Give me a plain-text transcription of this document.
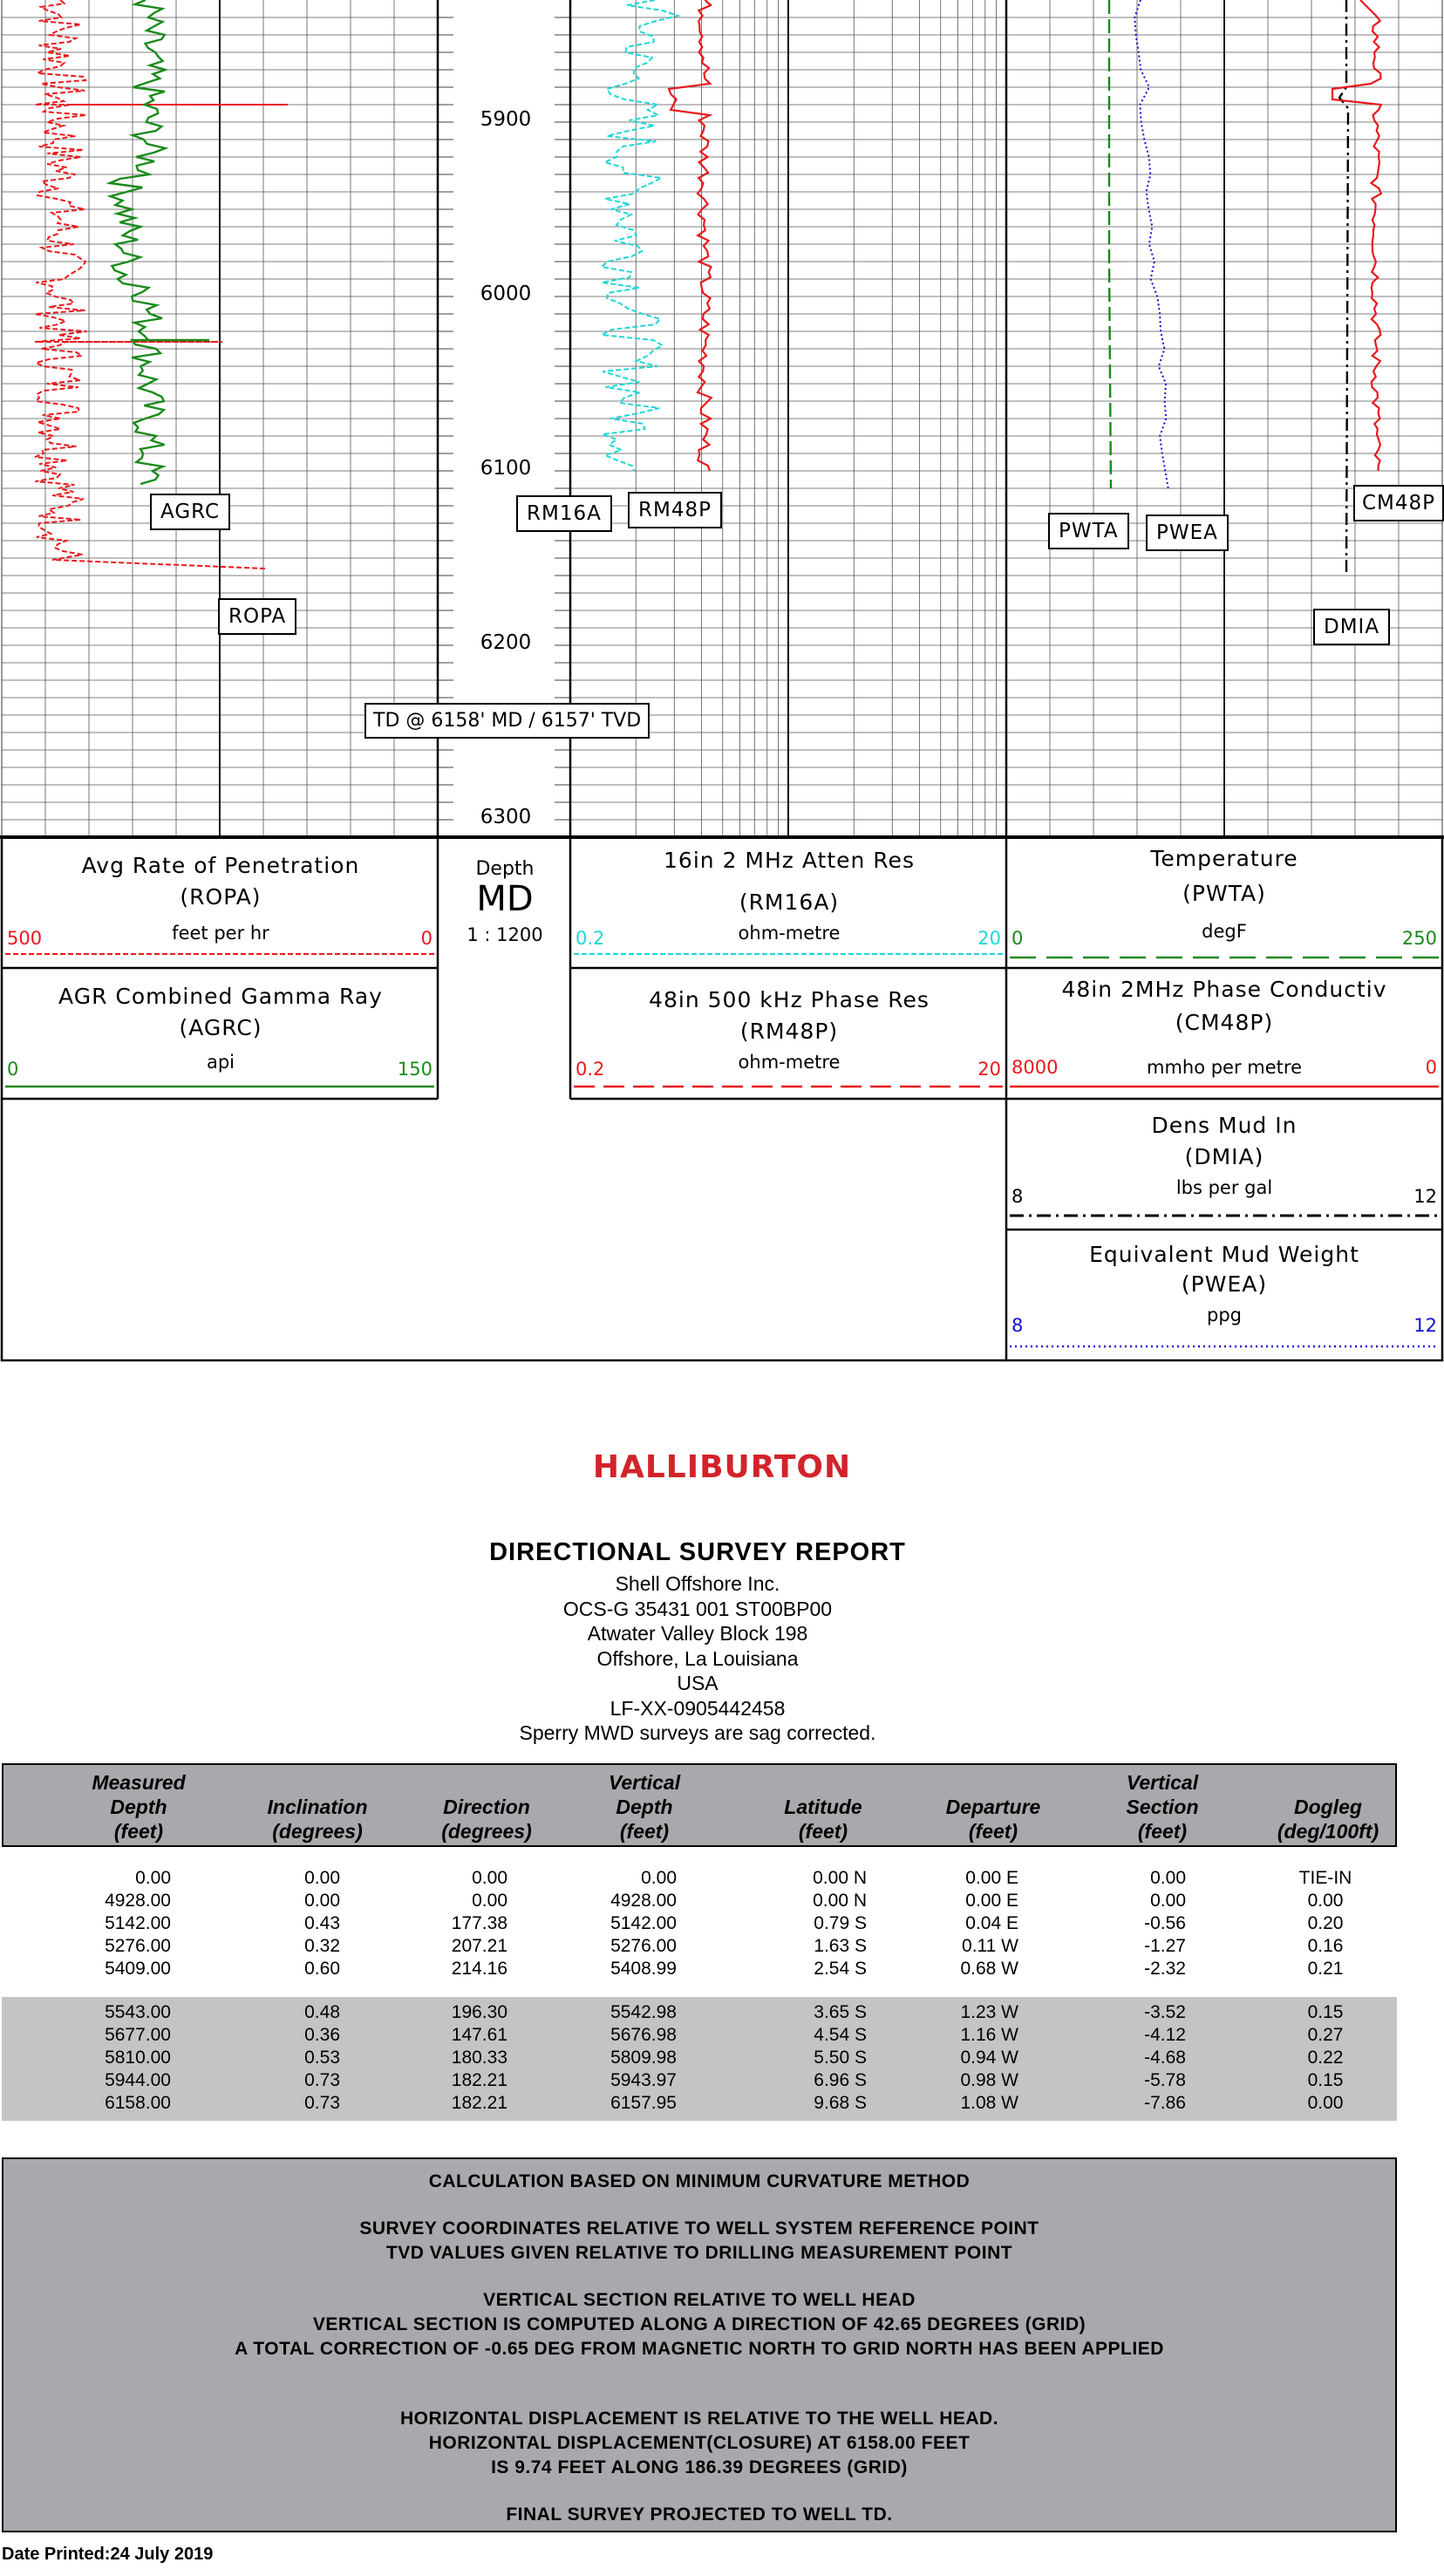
5900
6000
6100
6200
6300
AGRC
ROPA
RM16A	RM48P
PWTA	PWEA
CM48P
DMIA
TD @ 6158' MD / 6157' TVD
Avg Rate of Penetration
(ROPA)
feet per hr
500	0
AGR Combined Gamma Ray
(AGRC)
api
0	150
Depth
MD
1 : 1200
16in 2 MHz Atten Res
(RM16A)
ohm-metre
0.2	20
48in 500 kHz Phase Res
(RM48P)
ohm-metre
0.2	20
Temperature
(PWTA)
degF
0	250
48in 2MHz Phase Conductiv
(CM48P)
mmho per metre
8000	0
Dens Mud In
(DMIA)
lbs per gal
8	12
Equivalent Mud Weight
(PWEA)
ppg
8	12
HALLIBURTON
DIRECTIONAL SURVEY REPORT
Shell Offshore Inc.
OCS-G 35431 001 ST00BP00
Atwater Valley Block 198
Offshore, La Louisiana
USA
LF-XX-0905442458
Sperry MWD surveys are sag corrected.
Measured
Depth
(feet)
Inclination
(degrees)
Direction
(degrees)
Vertical
Depth
(feet)
Latitude
(feet)
Departure
(feet)
Vertical
Section
(feet)
Dogleg
(deg/100ft)
0.00	0.00	0.00	0.00	0.00 N	0.00 E	0.00	TIE-IN
4928.00	0.00	0.00	4928.00	0.00 N	0.00 E	0.00	0.00
5142.00	0.43	177.38	5142.00	0.79 S	0.04 E	-0.56	0.20
5276.00	0.32	207.21	5276.00	1.63 S	0.11 W	-1.27	0.16
5409.00	0.60	214.16	5408.99	2.54 S	0.68 W	-2.32	0.21
5543.00	0.48	196.30	5542.98	3.65 S	1.23 W	-3.52	0.15
5677.00	0.36	147.61	5676.98	4.54 S	1.16 W	-4.12	0.27
5810.00	0.53	180.33	5809.98	5.50 S	0.94 W	-4.68	0.22
5944.00	0.73	182.21	5943.97	6.96 S	0.98 W	-5.78	0.15
6158.00	0.73	182.21	6157.95	9.68 S	1.08 W	-7.86	0.00
CALCULATION BASED ON MINIMUM CURVATURE METHOD
SURVEY COORDINATES RELATIVE TO WELL SYSTEM REFERENCE POINT
TVD VALUES GIVEN RELATIVE TO DRILLING MEASUREMENT POINT
VERTICAL SECTION RELATIVE TO WELL HEAD
VERTICAL SECTION IS COMPUTED ALONG A DIRECTION OF 42.65 DEGREES (GRID)
A TOTAL CORRECTION OF -0.65 DEG FROM MAGNETIC NORTH TO GRID NORTH HAS BEEN APPLIED
HORIZONTAL DISPLACEMENT IS RELATIVE TO THE WELL HEAD.
HORIZONTAL DISPLACEMENT(CLOSURE) AT 6158.00 FEET
IS 9.74 FEET ALONG 186.39 DEGREES (GRID)
FINAL SURVEY PROJECTED TO WELL TD.
Date Printed:24 July 2019
